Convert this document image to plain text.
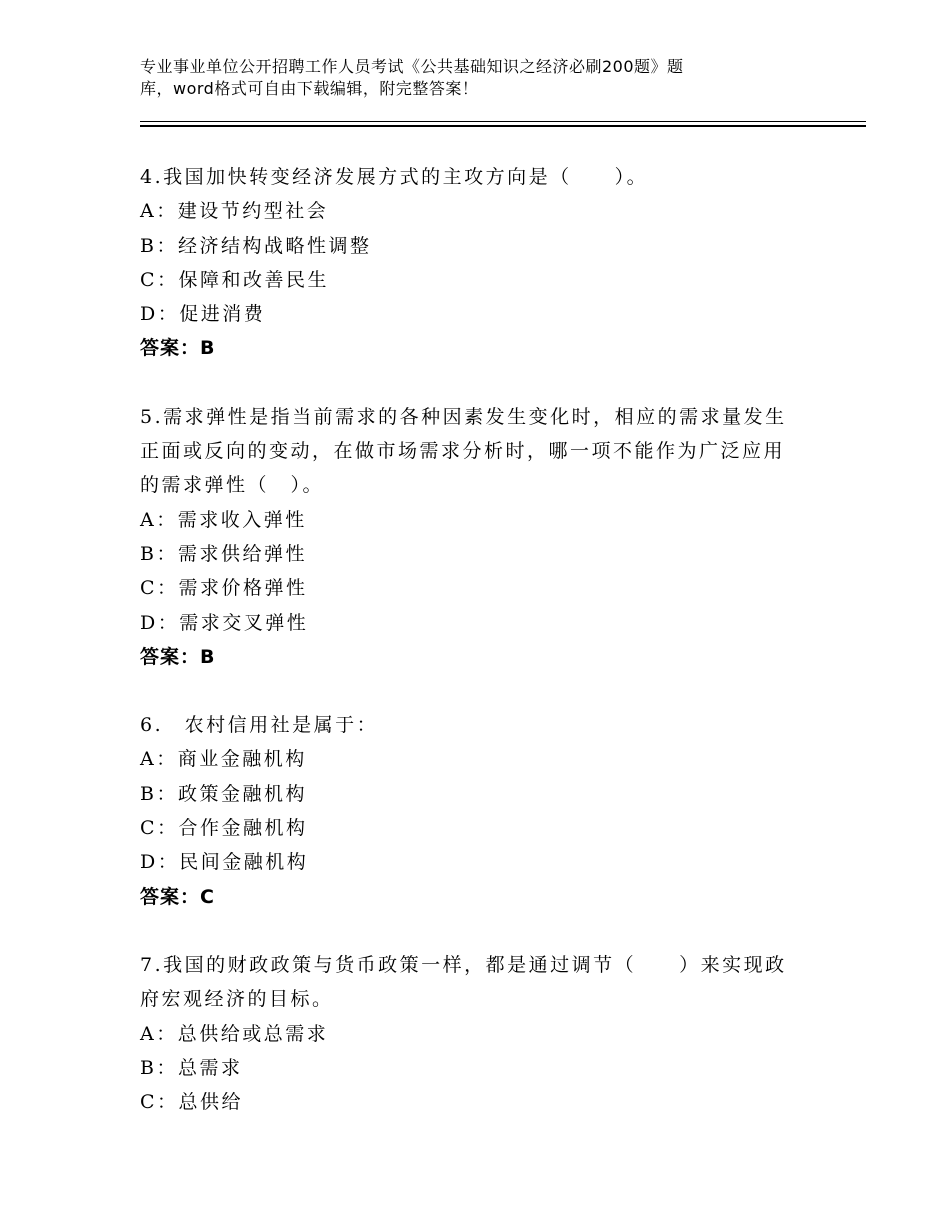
专业事业单位公开招聘工作人员考试《公共基础知识之经济必刷200题》题
库，word格式可自由下载编辑，附完整答案！
4.我国加快转变经济发展方式的主攻方向是（　　）。
A：建设节约型社会
B：经济结构战略性调整
C：保障和改善民生
D：促进消费
答案：B
5.需求弹性是指当前需求的各种因素发生变化时，相应的需求量发生
正面或反向的变动，在做市场需求分析时，哪一项不能作为广泛应用
的需求弹性（　）。
A：需求收入弹性
B：需求供给弹性
C：需求价格弹性
D：需求交叉弹性
答案：B
6.　农村信用社是属于：
A：商业金融机构
B：政策金融机构
C：合作金融机构
D：民间金融机构
答案：C
7.我国的财政政策与货币政策一样，都是通过调节（　　）来实现政
府宏观经济的目标。
A：总供给或总需求
B：总需求
C：总供给
